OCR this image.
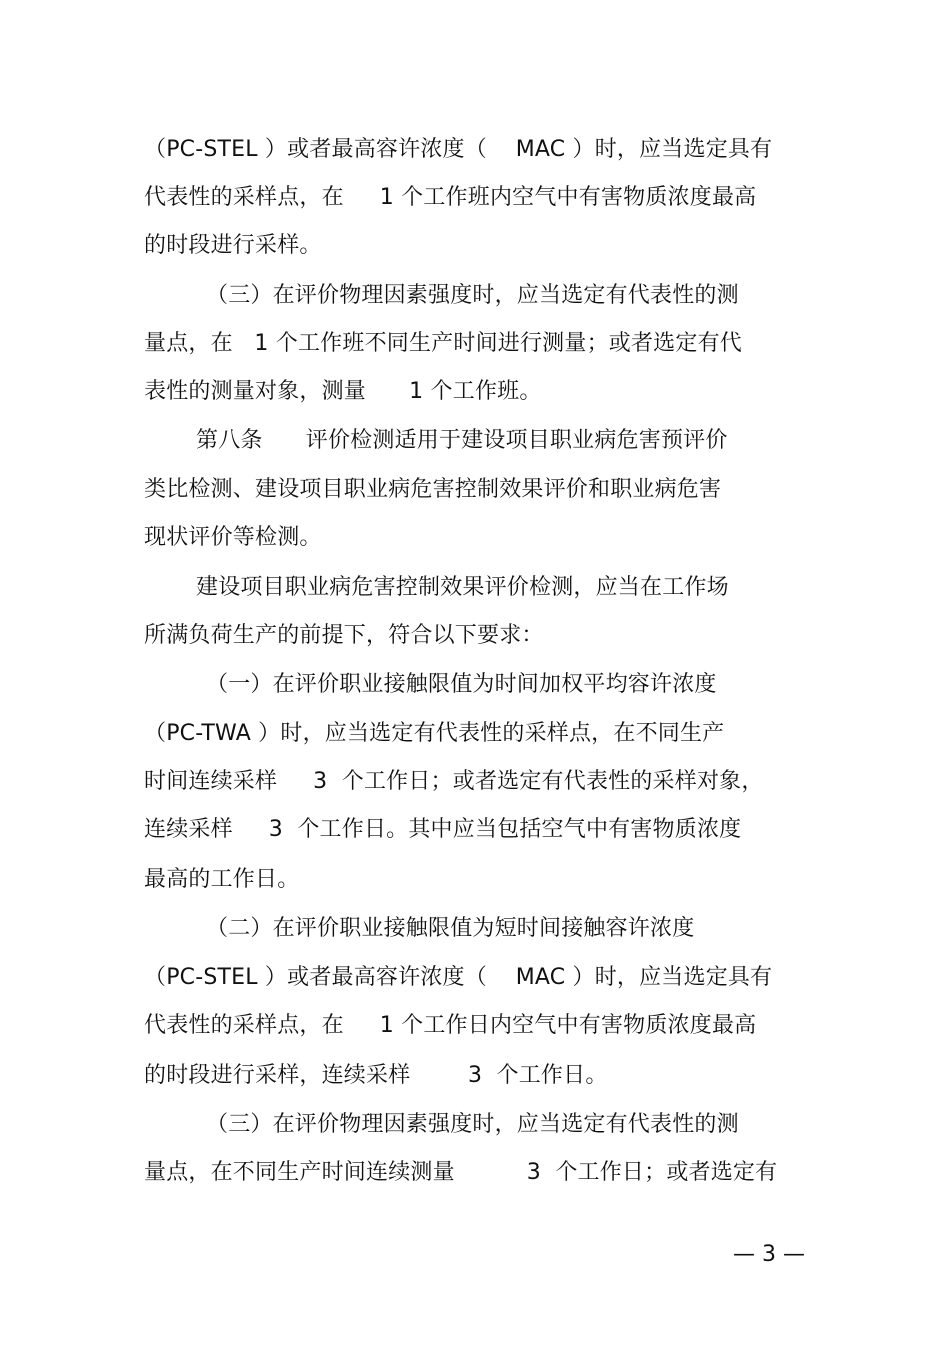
（PC-STEL ）或者最高容许浓度（    MAC ）时，应当选定具有
代表性的采样点，在     1 个工作班内空气中有害物质浓度最高
的时段进行采样。
（三）在评价物理因素强度时，应当选定有代表性的测
量点，在   1 个工作班不同生产时间进行测量；或者选定有代
表性的测量对象，测量      1 个工作班。
第八条      评价检测适用于建设项目职业病危害预评价
类比检测、建设项目职业病危害控制效果评价和职业病危害
现状评价等检测。
建设项目职业病危害控制效果评价检测，应当在工作场
所满负荷生产的前提下，符合以下要求：
（一）在评价职业接触限值为时间加权平均容许浓度
（PC-TWA ）时，应当选定有代表性的采样点，在不同生产
时间连续采样     3  个工作日；或者选定有代表性的采样对象，
连续采样     3  个工作日。其中应当包括空气中有害物质浓度
最高的工作日。
（二）在评价职业接触限值为短时间接触容许浓度
（PC-STEL ）或者最高容许浓度（    MAC ）时，应当选定具有
代表性的采样点，在     1 个工作日内空气中有害物质浓度最高
的时段进行采样，连续采样        3  个工作日。
（三）在评价物理因素强度时，应当选定有代表性的测
量点，在不同生产时间连续测量          3  个工作日；或者选定有
— 3 —
